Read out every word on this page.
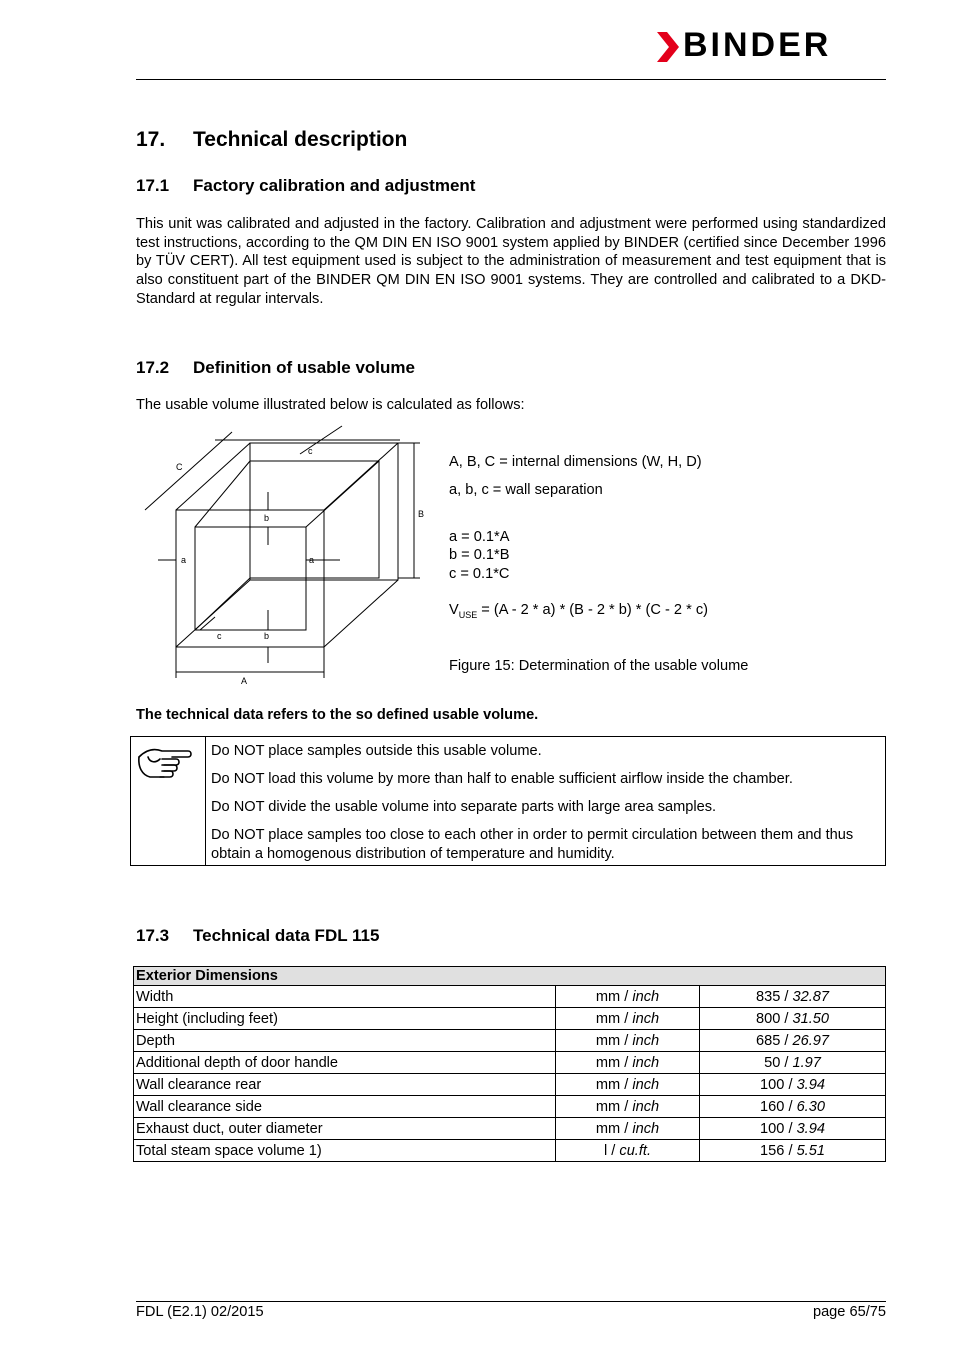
BINDER
17. Technical description
17.1 Factory calibration and adjustment
This unit was calibrated and adjusted in the factory. Calibration and adjustment were performed using standardized test instructions, according to the QM DIN EN ISO 9001 system applied by BINDER (certified since December 1996 by TÜV CERT). All test equipment used is subject to the administration of measurement and test equipment that is also constituent part of the BINDER QM DIN EN ISO 9001 systems. They are controlled and calibrated to a DKD-Standard at regular intervals.
17.2 Definition of usable volume
The usable volume illustrated below is calculated as follows:
C
c
B
b
a	a
c	b
A
A, B, C = internal dimensions (W, H, D)
a, b, c = wall separation
a = 0.1*A
b = 0.1*B
c = 0.1*C
$V_{USE} = (A - 2 * a) * (B - 2 * b) * (C - 2 * c)$
Figure 15: Determination of the usable volume
The technical data refers to the so defined usable volume.

Do NOT place samples outside this usable volume.

Do NOT load this volume by more than half to enable sufficient airflow inside the chamber.

Do NOT divide the usable volume into separate parts with large area samples.

Do NOT place samples too close to each other in order to permit circulation between them and thus obtain a homogenous distribution of temperature and humidity.

17.3 Technical data FDL 115
Exterior Dimensions		
Width	mm / inch	835 / 32.87
Height (including feet)	mm / inch	800 / 31.50
Depth	mm / inch	685 / 26.97
Additional depth of door handle	mm / inch	50 / 1.97
Wall clearance rear	mm / inch	100 / 3.94
Wall clearance side	mm / inch	160 / 6.30
Exhaust duct, outer diameter	mm / inch	100 / 3.94
Total steam space volume 1)	l / cu.ft.	156 / 5.51
FDL (E2.1) 02/2015	page 65/75
